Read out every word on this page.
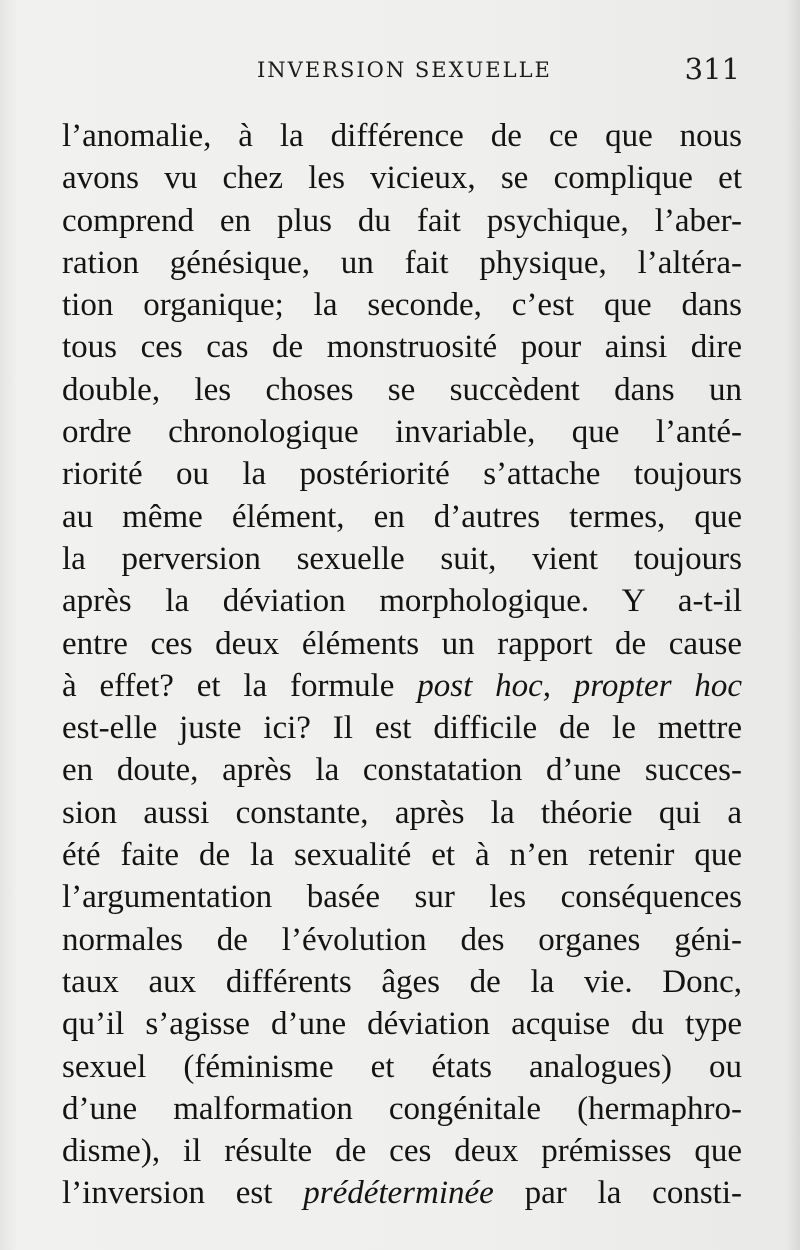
INVERSION SEXUELLE	311
l’anomalie, à la différence de ce que nous
avons vu chez les vicieux, se complique et
comprend en plus du fait psychique, l’aber-
ration génésique, un fait physique, l’altéra-
tion organique; la seconde, c’est que dans
tous ces cas de monstruosité pour ainsi dire
double, les choses se succèdent dans un
ordre chronologique invariable, que l’anté-
riorité ou la postériorité s’attache toujours
au même élément, en d’autres termes, que
la perversion sexuelle suit, vient toujours
après la déviation morphologique. Y a-t-il
entre ces deux éléments un rapport de cause
à effet? et la formule post hoc, propter hoc
est-elle juste ici? Il est difficile de le mettre
en doute, après la constatation d’une succes-
sion aussi constante, après la théorie qui a
été faite de la sexualité et à n’en retenir que
l’argumentation basée sur les conséquences
normales de l’évolution des organes géni-
taux aux différents âges de la vie. Donc,
qu’il s’agisse d’une déviation acquise du type
sexuel (féminisme et états analogues) ou
d’une malformation congénitale (hermaphro-
disme), il résulte de ces deux prémisses que
l’inversion est prédéterminée par la consti-
